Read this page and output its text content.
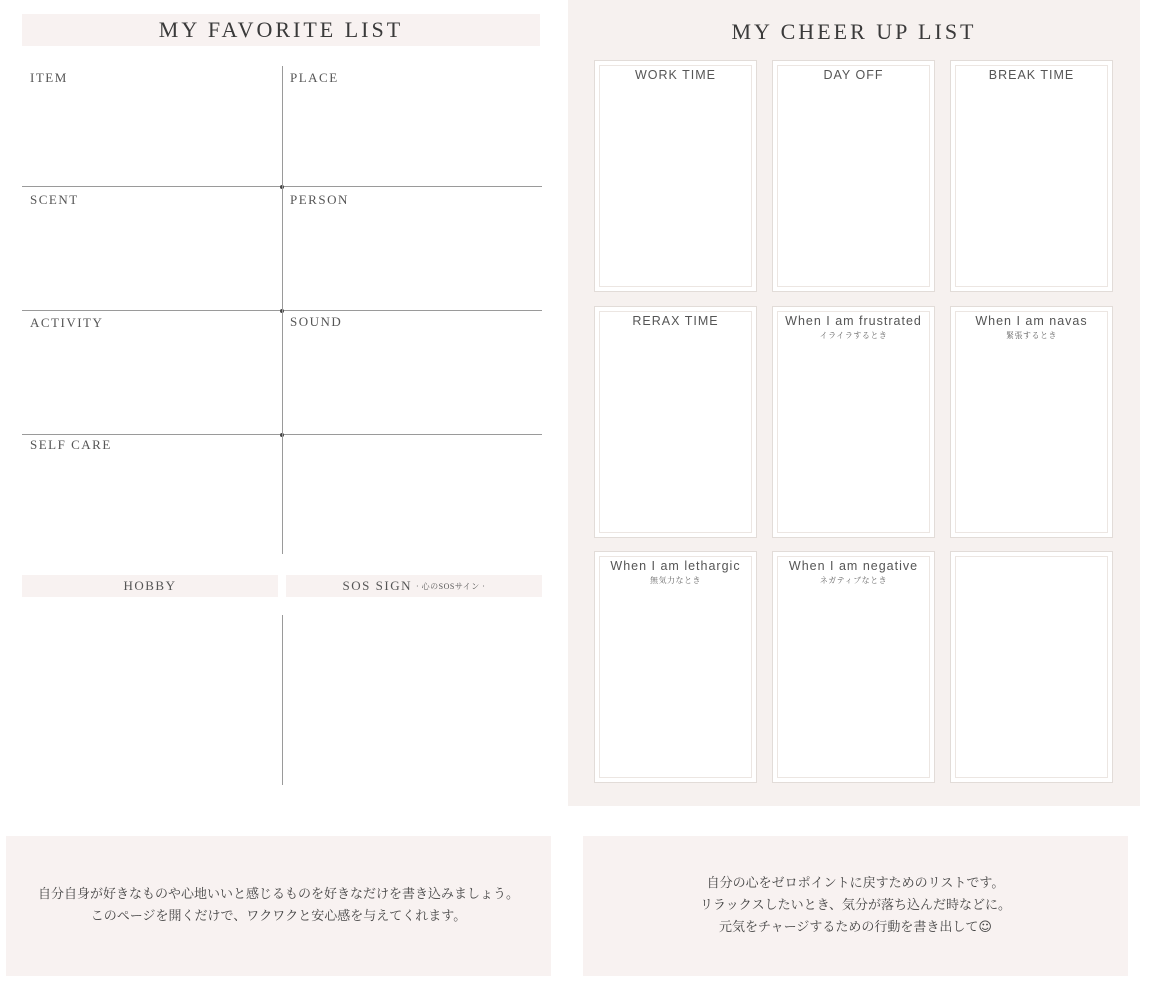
MY FAVORITE LIST
ITEM	PLACE
SCENT	PERSON
ACTIVITY	SOUND
SELF CARE
HOBBY	SOS SIGN · 心のSOSサイン ·
MY CHEER UP LIST
WORK TIME	DAY OFF	BREAK TIME
RERAX TIME	When I am frustrated
イライラするとき
When I am navas
緊張するとき
When I am lethargic
無気力なとき
When I am negative
ネガティブなとき
自分自身が好きなものや心地いいと感じるものを好きなだけを書き込みましょう。
このページを開くだけで、ワクワクと安心感を与えてくれます。
自分の心をゼロポイントに戻すためのリストです。
リラックスしたいとき、気分が落ち込んだ時などに。
元気をチャージするための行動を書き出して☺
